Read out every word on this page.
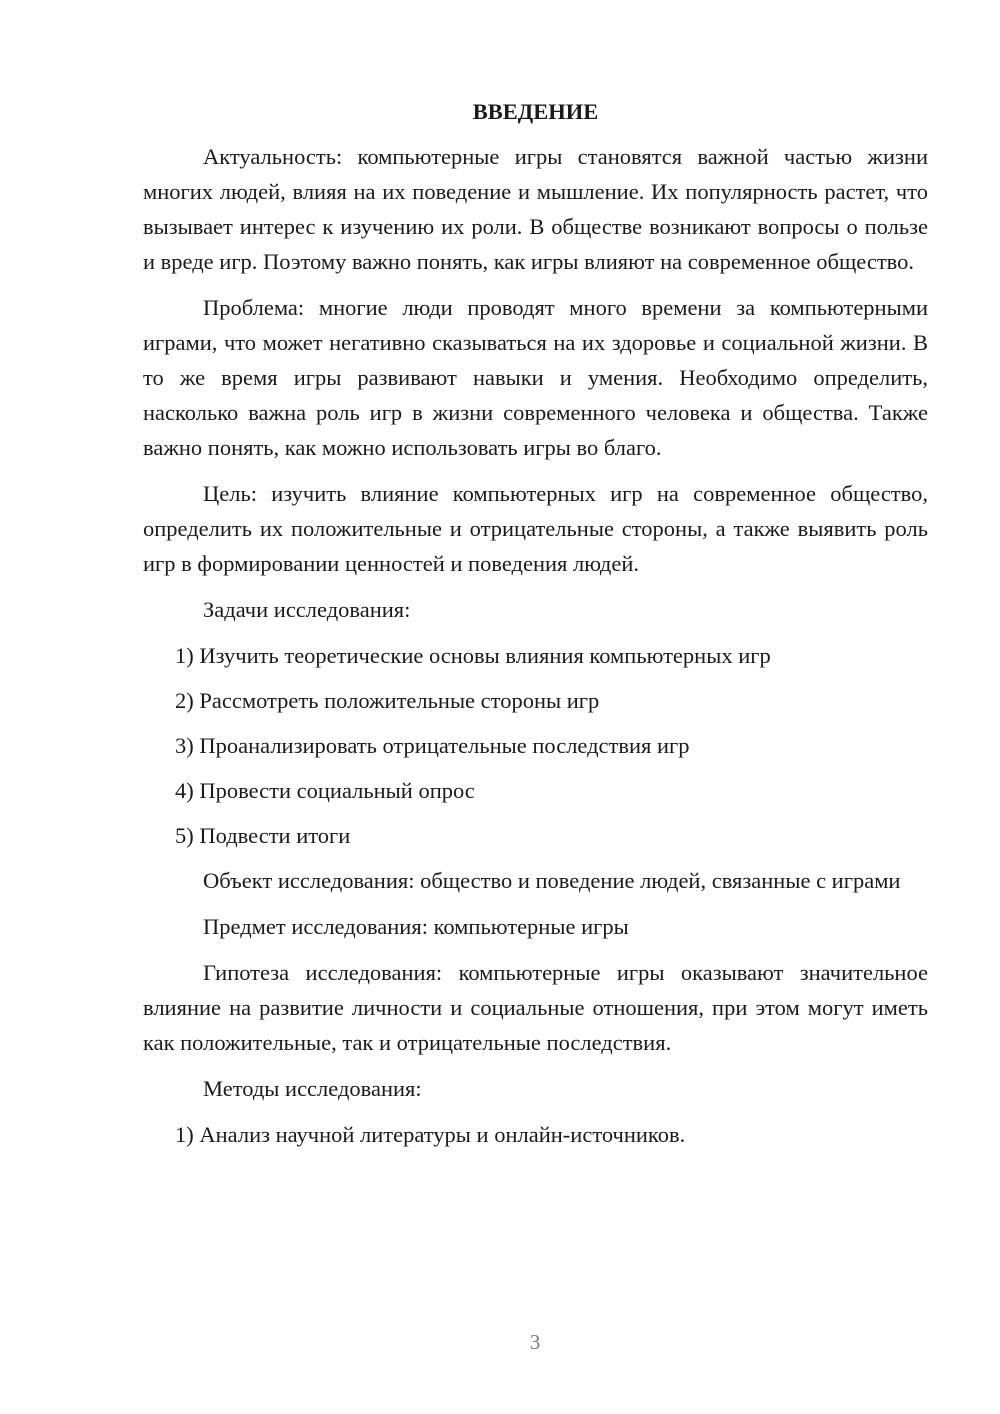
ВВЕДЕНИЕ
Актуальность: компьютерные игры становятся важной частью жизни многих людей, влияя на их поведение и мышление. Их популярность растет, что вызывает интерес к изучению их роли. В обществе возникают вопросы о пользе и вреде игр. Поэтому важно понять, как игры влияют на современное общество.
Проблема: многие люди проводят много времени за компьютерными играми, что может негативно сказываться на их здоровье и социальной жизни. В то же время игры развивают навыки и умения. Необходимо определить, насколько важна роль игр в жизни современного человека и общества. Также важно понять, как можно использовать игры во благо.
Цель: изучить влияние компьютерных игр на современное общество, определить их положительные и отрицательные стороны, а также выявить роль игр в формировании ценностей и поведения людей.
Задачи исследования:
1) Изучить теоретические основы влияния компьютерных игр
2) Рассмотреть положительные стороны игр
3) Проанализировать отрицательные последствия игр
4) Провести социальный опрос
5) Подвести итоги
Объект исследования: общество и поведение людей, связанные с играми
Предмет исследования: компьютерные игры
Гипотеза исследования: компьютерные игры оказывают значительное влияние на развитие личности и социальные отношения, при этом могут иметь как положительные, так и отрицательные последствия.
Методы исследования:
1) Анализ научной литературы и онлайн-источников.
3
